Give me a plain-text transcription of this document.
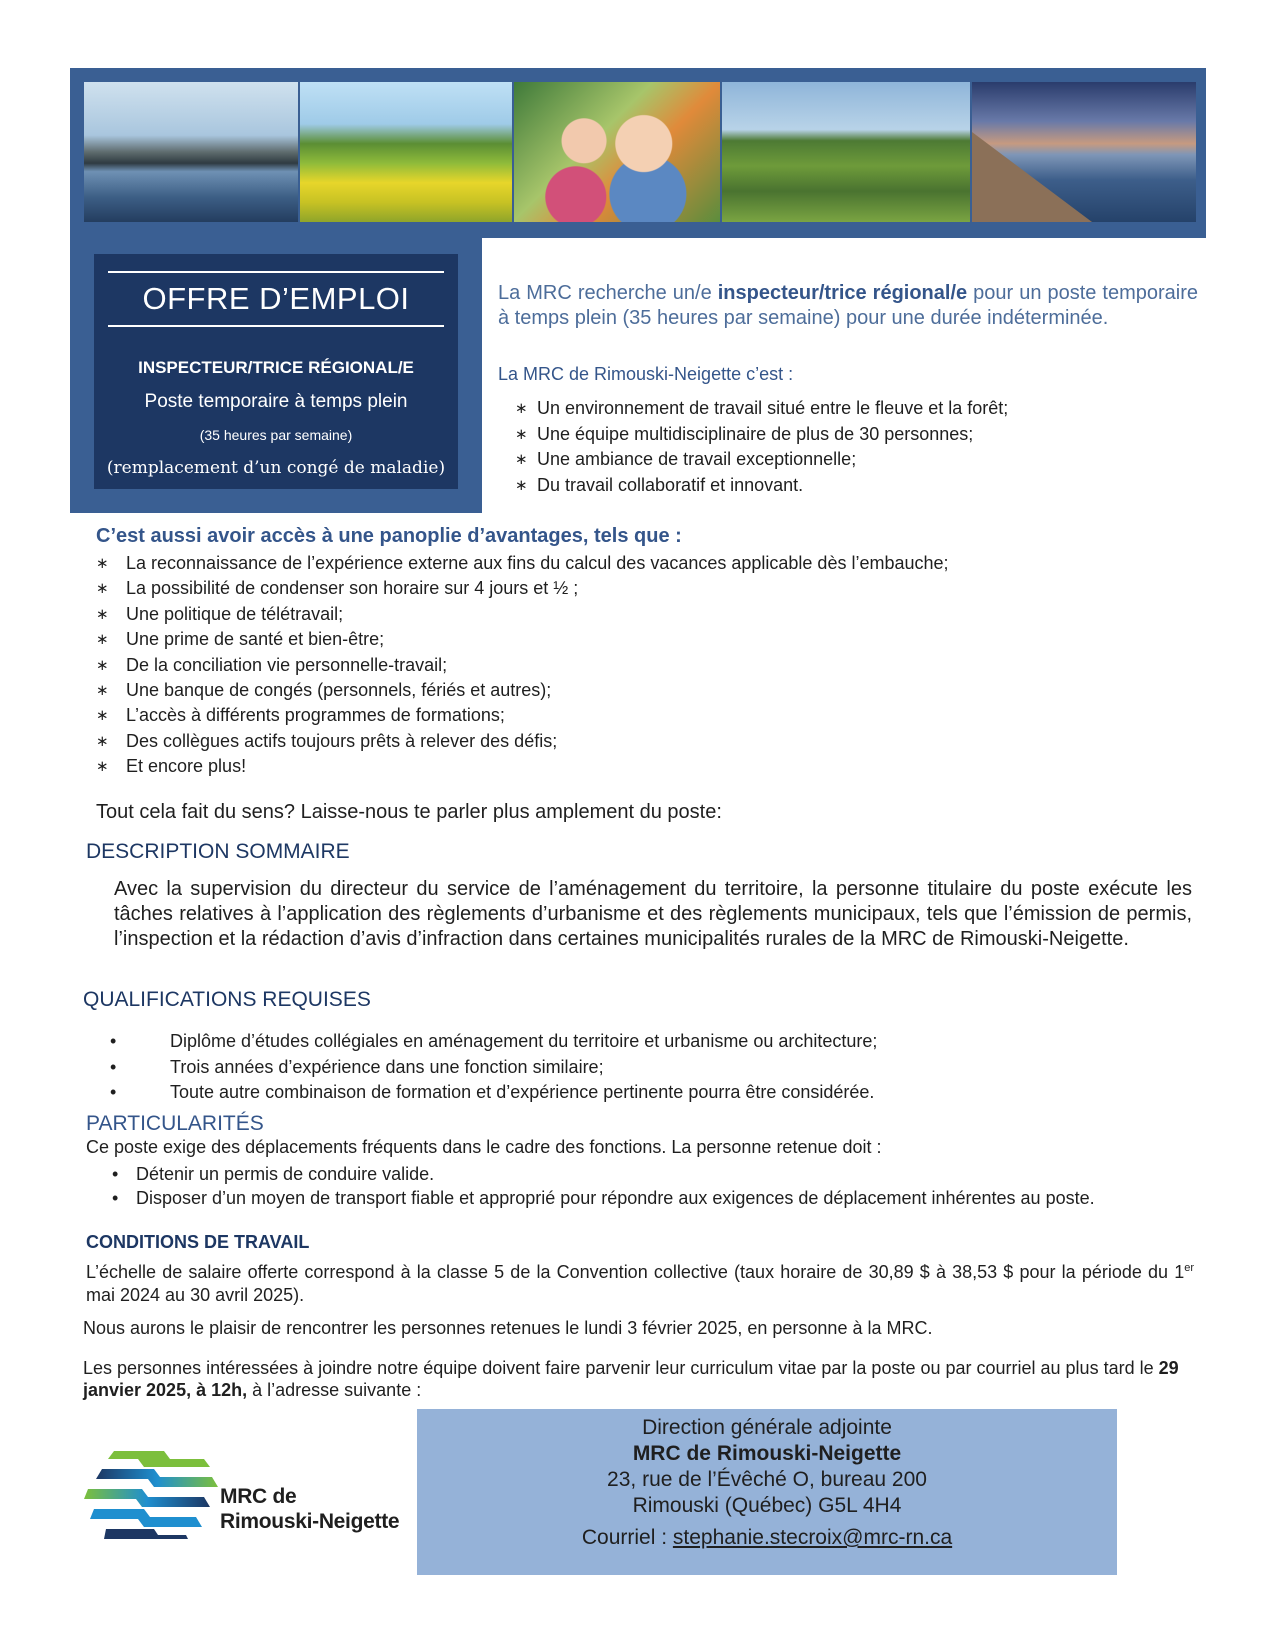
OFFRE D’EMPLOI
INSPECTEUR/TRICE RÉGIONAL/E
Poste temporaire à temps plein
(35 heures par semaine)
(remplacement d’un congé de maladie)

La MRC recherche un/e inspecteur/trice régional/e pour un poste temporaire à temps plein (35 heures par semaine) pour une durée indéterminée.

La MRC de Rimouski-Neigette c’est :
∗ Un environnement de travail situé entre le fleuve et la forêt;
∗ Une équipe multidisciplinaire de plus de 30 personnes;
∗ Une ambiance de travail exceptionnelle;
∗ Du travail collaboratif et innovant.
C’est aussi avoir accès à une panoplie d’avantages, tels que :
∗ La reconnaissance de l’expérience externe aux fins du calcul des vacances applicable dès l’embauche;
∗ La possibilité de condenser son horaire sur 4 jours et ½ ;
∗ Une politique de télétravail;
∗ Une prime de santé et bien-être;
∗ De la conciliation vie personnelle-travail;
∗ Une banque de congés (personnels, fériés et autres);
∗ L’accès à différents programmes de formations;
∗ Des collègues actifs toujours prêts à relever des défis;
∗ Et encore plus!
Tout cela fait du sens? Laisse-nous te parler plus amplement du poste:
DESCRIPTION SOMMAIRE

Avec la supervision du directeur du service de l’aménagement du territoire, la personne titulaire du poste exécute les tâches relatives à l’application des règlements d’urbanisme et des règlements municipaux, tels que l’émission de permis, l’inspection et la rédaction d’avis d’infraction dans certaines municipalités rurales de la MRC de Rimouski-Neigette.

QUALIFICATIONS REQUISES
•	Diplôme d’études collégiales en aménagement du territoire et urbanisme ou architecture;
•	Trois années d’expérience dans une fonction similaire;
•	Toute autre combinaison de formation et d’expérience pertinente pourra être considérée.
PARTICULARITÉS
Ce poste exige des déplacements fréquents dans le cadre des fonctions. La personne retenue doit :
• Détenir un permis de conduire valide.
• Disposer d’un moyen de transport fiable et approprié pour répondre aux exigences de déplacement inhérentes au poste.
CONDITIONS DE TRAVAIL

L’échelle de salaire offerte correspond à la classe 5 de la Convention collective (taux horaire de 30,89 $ à 38,53 $ pour la période du 1er mai 2024 au 30 avril 2025).

Nous aurons le plaisir de rencontrer les personnes retenues le lundi 3 février 2025, en personne à la MRC.

Les personnes intéressées à joindre notre équipe doivent faire parvenir leur curriculum vitae par la poste ou par courriel au plus tard le 29 janvier 2025, à 12h, à l’adresse suivante :

MRC de
Rimouski-Neigette
Direction générale adjointe
MRC de Rimouski-Neigette
23, rue de l’Évêché O, bureau 200
Rimouski (Québec) G5L 4H4
Courriel : stephanie.stecroix@mrc-rn.ca
